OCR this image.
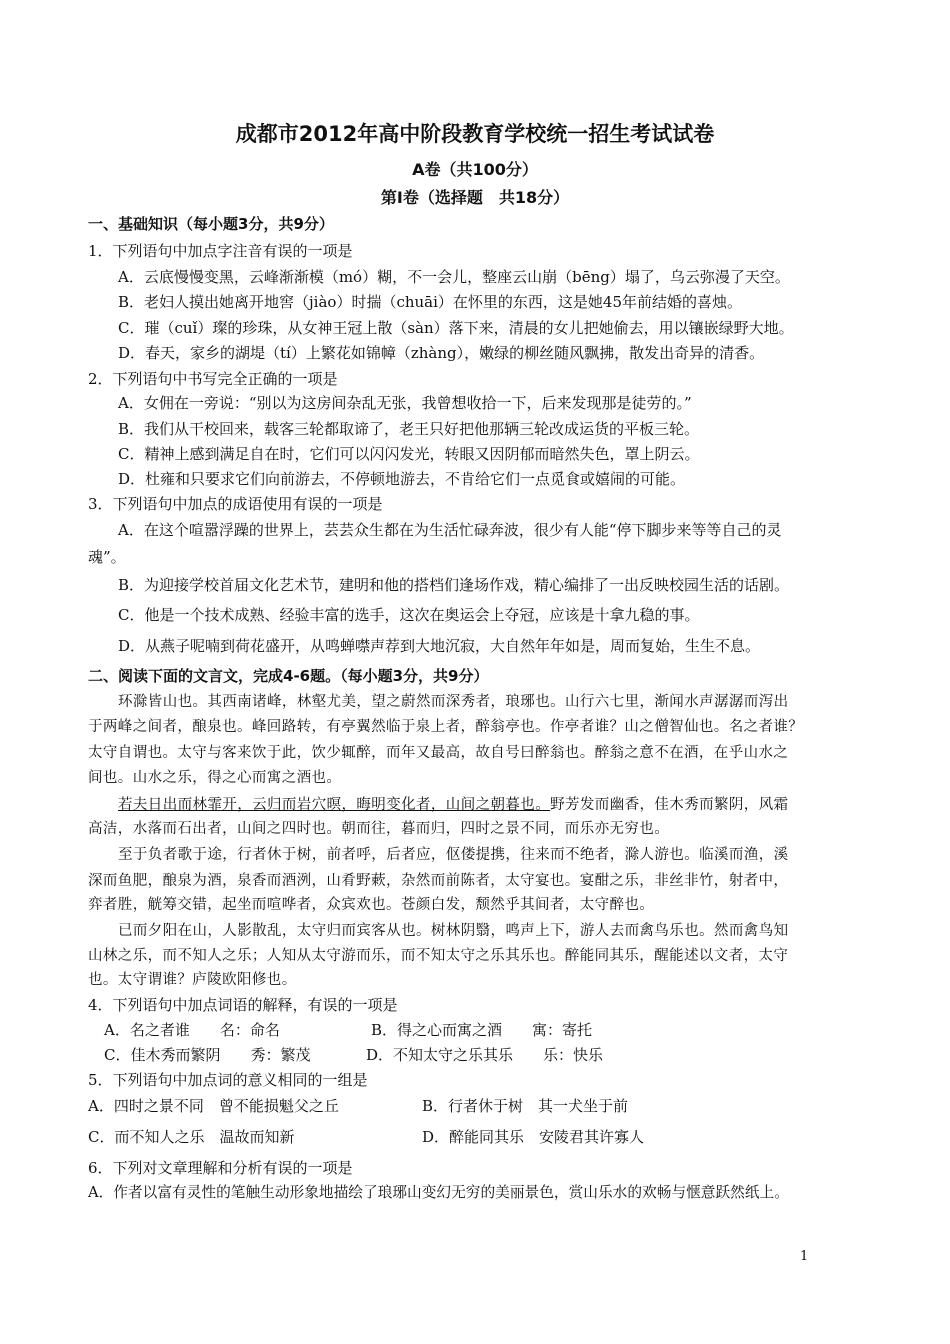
成都市2012年高中阶段教育学校统一招生考试试卷
A卷（共100分）
第Ⅰ卷（选择题　共18分）
一、基础知识（每小题3分，共9分）
1．下列语句中加点字注音有误的一项是
A．云底慢慢变黑，云峰渐渐模（mó）糊，不一会儿，整座云山崩（bēng）塌了，乌云弥漫了天空。
B．老妇人摸出她离开地窖（jiào）时揣（chuāi）在怀里的东西，这是她45年前结婚的喜烛。
C．璀（cuǐ）璨的珍珠，从女神王冠上散（sàn）落下来，清晨的女儿把她偷去，用以镶嵌绿野大地。
D．春天，家乡的湖堤（tí）上繁花如锦幛（zhàng），嫩绿的柳丝随风飘拂，散发出奇异的清香。
2．下列语句中书写完全正确的一项是
A．女佣在一旁说：“别以为这房间杂乱无张，我曾想收拾一下，后来发现那是徒劳的。”
B．我们从干校回来，载客三轮都取谛了，老王只好把他那辆三轮改成运货的平板三轮。
C．精神上感到满足自在时，它们可以闪闪发光，转眼又因阴郁而暗然失色，罩上阴云。
D．杜雍和只要求它们向前游去，不停顿地游去，不肯给它们一点觅食或嬉闹的可能。
3．下列语句中加点的成语使用有误的一项是
A．在这个喧嚣浮躁的世界上，芸芸众生都在为生活忙碌奔波，很少有人能“停下脚步来等等自己的灵
魂”。
B．为迎接学校首届文化艺术节，建明和他的搭档们逢场作戏，精心编排了一出反映校园生活的话剧。
C．他是一个技术成熟、经验丰富的选手，这次在奥运会上夺冠，应该是十拿九稳的事。
D．从燕子呢喃到荷花盛开，从鸣蝉噤声荐到大地沉寂，大自然年年如是，周而复始，生生不息。
二、阅读下面的文言文，完成4-6题。（每小题3分，共9分）
环滁皆山也。其西南诸峰，林壑尤美，望之蔚然而深秀者，琅琊也。山行六七里，渐闻水声潺潺而泻出
于两峰之间者，酿泉也。峰回路转，有亭翼然临于泉上者，醉翁亭也。作亭者谁？山之僧智仙也。名之者谁？
太守自谓也。太守与客来饮于此，饮少辄醉，而年又最高，故自号曰醉翁也。醉翁之意不在酒，在乎山水之
间也。山水之乐，得之心而寓之酒也。
若夫日出而林霏开，云归而岩穴暝，晦明变化者，山间之朝暮也。野芳发而幽香，佳木秀而繁阴，风霜
高洁，水落而石出者，山间之四时也。朝而往，暮而归，四时之景不同，而乐亦无穷也。
至于负者歌于途，行者休于树，前者呼，后者应，伛偻提携，往来而不绝者，滁人游也。临溪而渔，溪
深而鱼肥，酿泉为酒，泉香而酒洌，山肴野蔌，杂然而前陈者，太守宴也。宴酣之乐，非丝非竹，射者中，
弈者胜，觥筹交错，起坐而喧哗者，众宾欢也。苍颜白发，颓然乎其间者，太守醉也。
已而夕阳在山，人影散乱，太守归而宾客从也。树林阴翳，鸣声上下，游人去而禽鸟乐也。然而禽鸟知
山林之乐，而不知人之乐；人知从太守游而乐，而不知太守之乐其乐也。醉能同其乐，醒能述以文者，太守
也。太守谓谁？庐陵欧阳修也。
4．下列语句中加点词语的解释，有误的一项是
A．名之者谁　　名：命名	B．得之心而寓之酒　　寓：寄托
C．佳木秀而繁阴　　秀：繁茂	D．不知太守之乐其乐　　乐：快乐
5．下列语句中加点词的意义相同的一组是
A．四时之景不同　曾不能损魁父之丘	B．行者休于树　其一犬坐于前
C．而不知人之乐　温故而知新	D．醉能同其乐　安陵君其许寡人
6．下列对文章理解和分析有误的一项是
A．作者以富有灵性的笔触生动形象地描绘了琅琊山变幻无穷的美丽景色，赏山乐水的欢畅与惬意跃然纸上。
1
